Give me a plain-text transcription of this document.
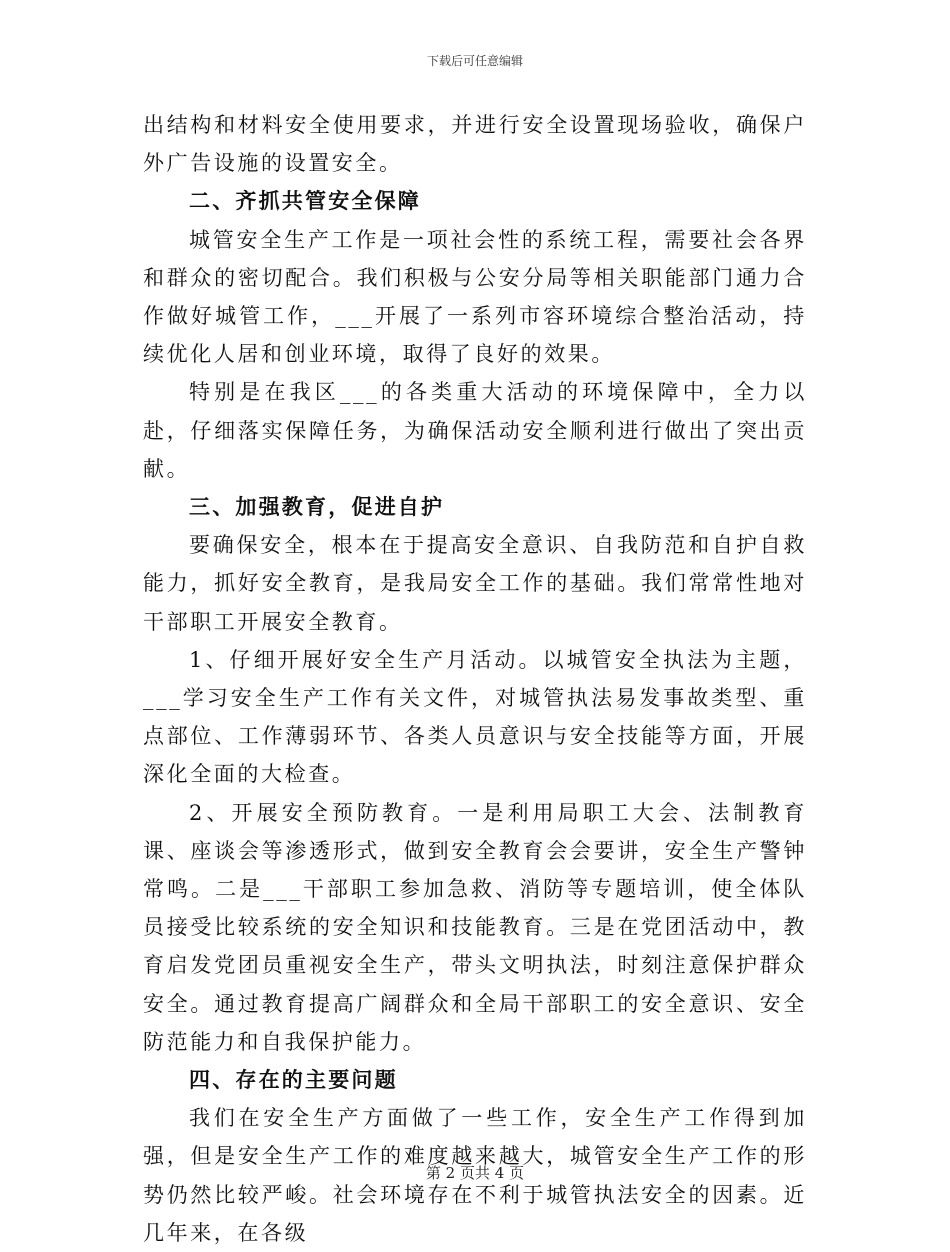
下载后可任意编辑

出结构和材料安全使用要求，并进行安全设置现场验收，确保户外广告设施的设置安全。

二、齐抓共管安全保障

城管安全生产工作是一项社会性的系统工程，需要社会各界和群众的密切配合。我们积极与公安分局等相关职能部门通力合作做好城管工作，___开展了一系列市容环境综合整治活动，持续优化人居和创业环境，取得了良好的效果。

特别是在我区___的各类重大活动的环境保障中，全力以赴，仔细落实保障任务，为确保活动安全顺利进行做出了突出贡献。

三、加强教育，促进自护

要确保安全，根本在于提高安全意识、自我防范和自护自救能力，抓好安全教育，是我局安全工作的基础。我们常常性地对干部职工开展安全教育。

1、仔细开展好安全生产月活动。以城管安全执法为主题，___学习安全生产工作有关文件，对城管执法易发事故类型、重点部位、工作薄弱环节、各类人员意识与安全技能等方面，开展深化全面的大检查。

2、开展安全预防教育。一是利用局职工大会、法制教育课、座谈会等渗透形式，做到安全教育会会要讲，安全生产警钟常鸣。二是___干部职工参加急救、消防等专题培训，使全体队员接受比较系统的安全知识和技能教育。三是在党团活动中，教育启发党团员重视安全生产，带头文明执法，时刻注意保护群众安全。通过教育提高广阔群众和全局干部职工的安全意识、安全防范能力和自我保护能力。

四、存在的主要问题

我们在安全生产方面做了一些工作，安全生产工作得到加强，但是安全生产工作的难度越来越大，城管安全生产工作的形势仍然比较严峻。社会环境存在不利于城管执法安全的因素。近几年来，在各级

第 2 页共 4 页
